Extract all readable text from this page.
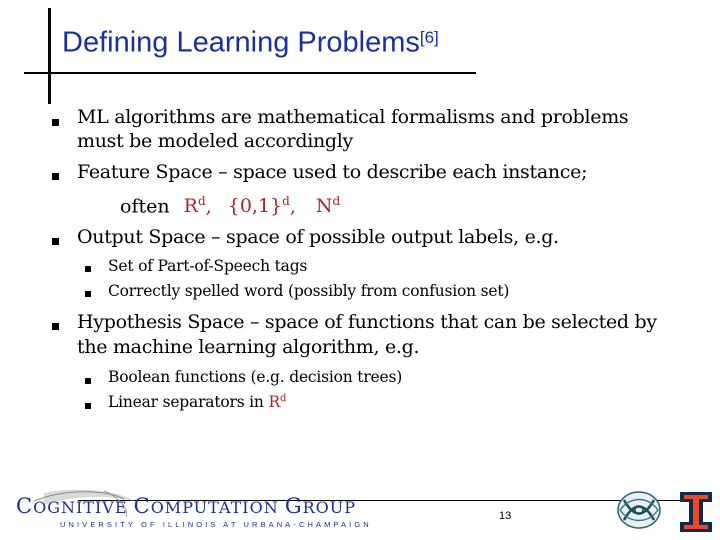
Defining Learning Problems[6]
ML algorithms are mathematical formalisms and problems
must be modeled accordingly
Feature Space – space used to describe each instance;
often $R^d$, $\{0,1\}^d$, $N^d$
Output Space – space of possible output labels, e.g.
Set of Part-of-Speech tags
Correctly spelled word (possibly from confusion set)
Hypothesis Space – space of functions that can be selected by
the machine learning algorithm, e.g.
Boolean functions (e.g. decision trees)
Linear separators in $R^d$
COGNITIVE COMPUTATION GROUP
UNIVERSITY OF ILLINOIS AT URBANA-CHAMPAIGN
13
